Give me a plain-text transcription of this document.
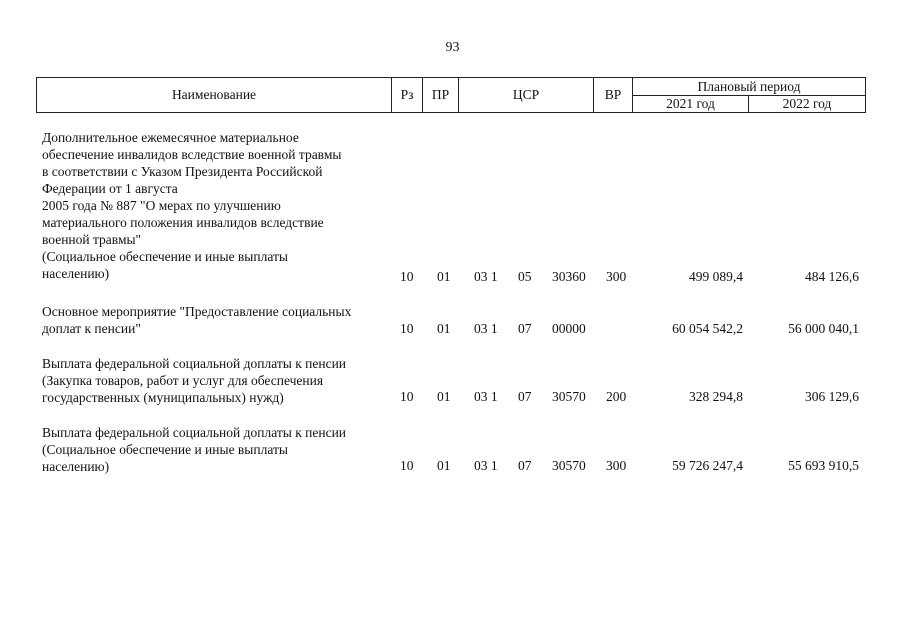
93
Наименование	Рз	ПР	ЦСР	ВР
Плановый период
2021 год	2022 год
Дополнительное ежемесячное материальное
обеспечение инвалидов вследствие военной травмы
в соответствии с Указом Президента Российской
Федерации от 1 августа
2005 года № 887 "О мерах по улучшению
материального положения инвалидов вследствие
военной травмы"
(Социальное обеспечение и иные выплаты
населению)	10 01 03 1 05 30360 300	499 089,4	484 126,6
Основное мероприятие "Предоставление социальных
доплат к пенсии"	10 01 03 1 07 00000	60 054 542,2	56 000 040,1
Выплата федеральной социальной доплаты к пенсии
(Закупка товаров, работ и услуг для обеспечения
государственных (муниципальных) нужд)	10 01 03 1 07 30570 200	328 294,8	306 129,6
Выплата федеральной социальной доплаты к пенсии
(Социальное обеспечение и иные выплаты
населению)	10 01 03 1 07 30570 300	59 726 247,4	55 693 910,5
